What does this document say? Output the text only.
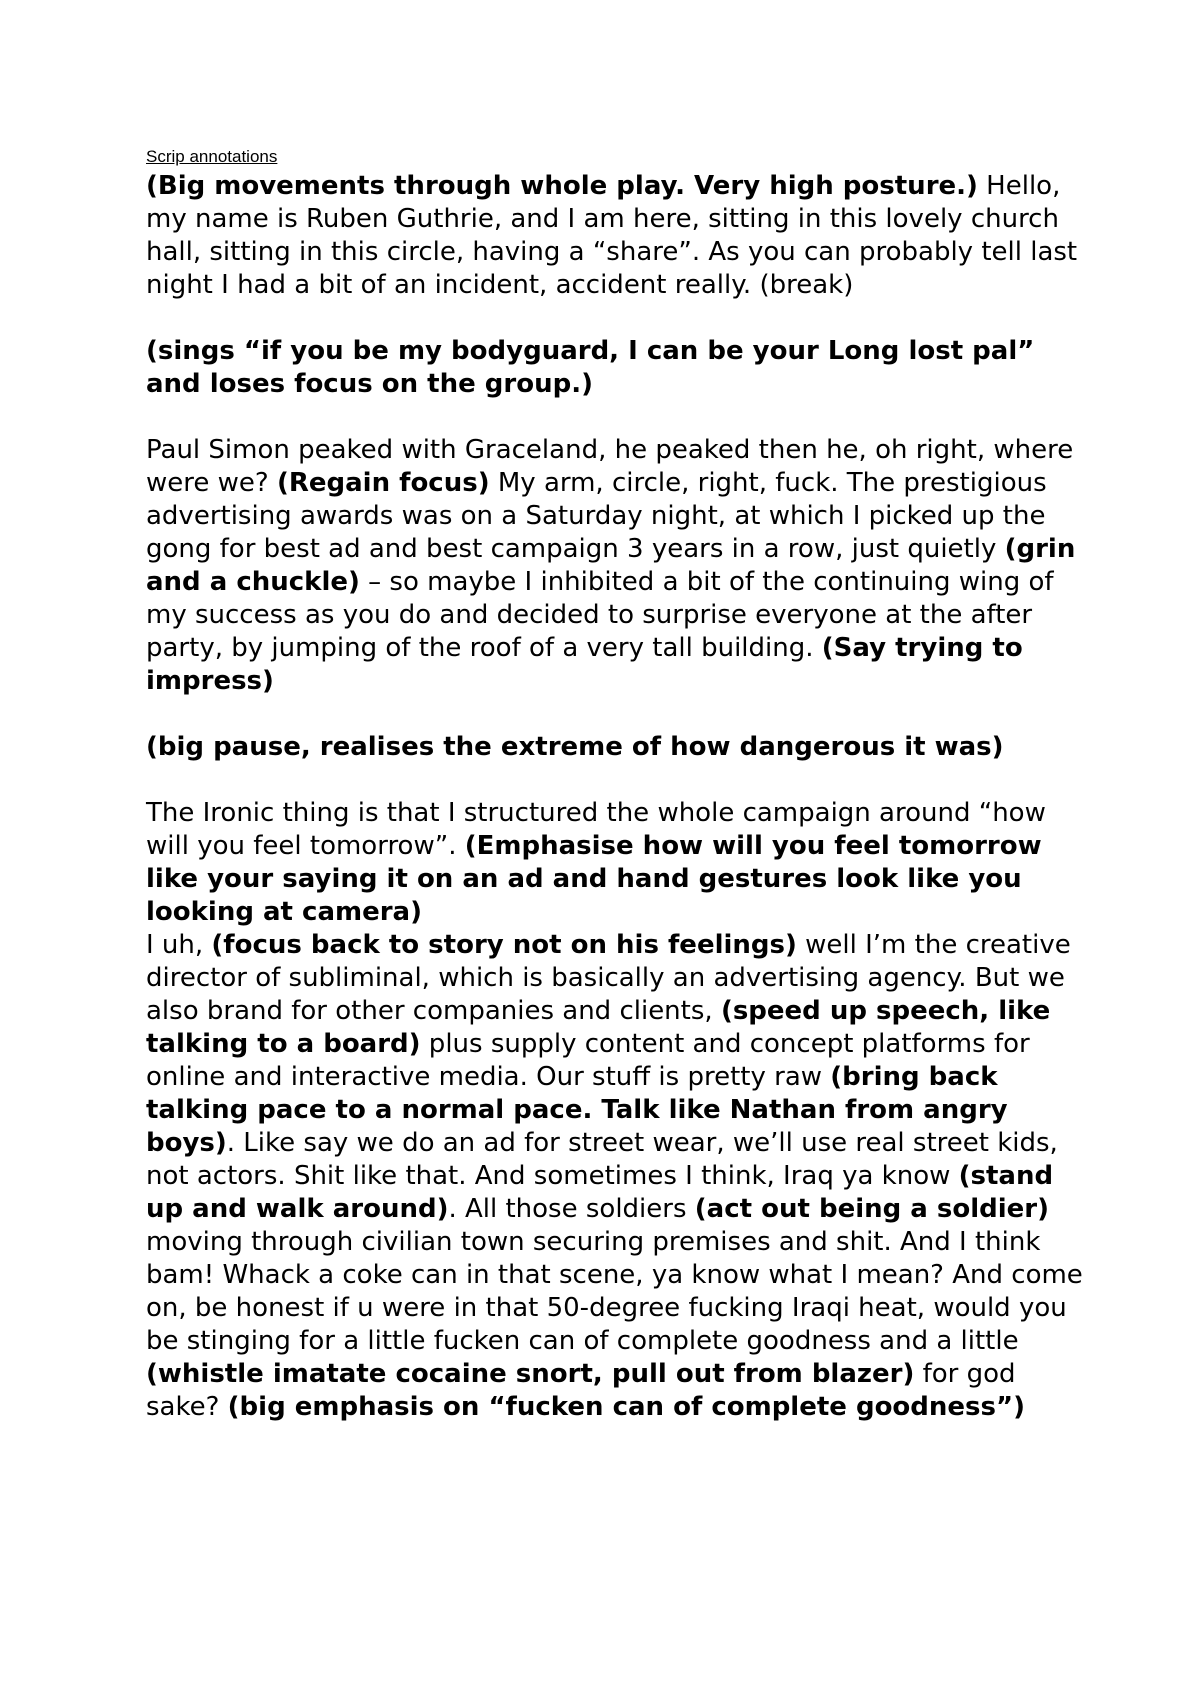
Scrip annotations

(Big movements through whole play. Very high posture.) Hello, my name is Ruben Guthrie, and I am here, sitting in this lovely church hall, sitting in this circle, having a “share”. As you can probably tell last night I had a bit of an incident, accident really. (break)

(sings “if you be my bodyguard, I can be your Long lost pal” and loses focus on the group.)

Paul Simon peaked with Graceland, he peaked then he, oh right, where were we? (Regain focus) My arm, circle, right, fuck. The prestigious advertising awards was on a Saturday night, at which I picked up the gong for best ad and best campaign 3 years in a row, just quietly (grin and a chuckle) – so maybe I inhibited a bit of the continuing wing of my success as you do and decided to surprise everyone at the after party, by jumping of the roof of a very tall building. (Say trying to impress)

(big pause, realises the extreme of how dangerous it was)

The Ironic thing is that I structured the whole campaign around “how will you feel tomorrow”. (Emphasise how will you feel tomorrow like your saying it on an ad and hand gestures look like you looking at camera)

I uh, (focus back to story not on his feelings) well I’m the creative director of subliminal, which is basically an advertising agency. But we also brand for other companies and clients, (speed up speech, like talking to a board) plus supply content and concept platforms for online and interactive media. Our stuff is pretty raw (bring back talking pace to a normal pace. Talk like Nathan from angry boys). Like say we do an ad for street wear, we’ll use real street kids, not actors. Shit like that. And sometimes I think, Iraq ya know (stand up and walk around). All those soldiers (act out being a soldier) moving through civilian town securing premises and shit. And I think bam! Whack a coke can in that scene, ya know what I mean? And come on, be honest if u were in that 50-degree fucking Iraqi heat, would you be stinging for a little fucken can of complete goodness and a little (whistle imatate cocaine snort, pull out from blazer) for god sake? (big emphasis on “fucken can of complete goodness”)
